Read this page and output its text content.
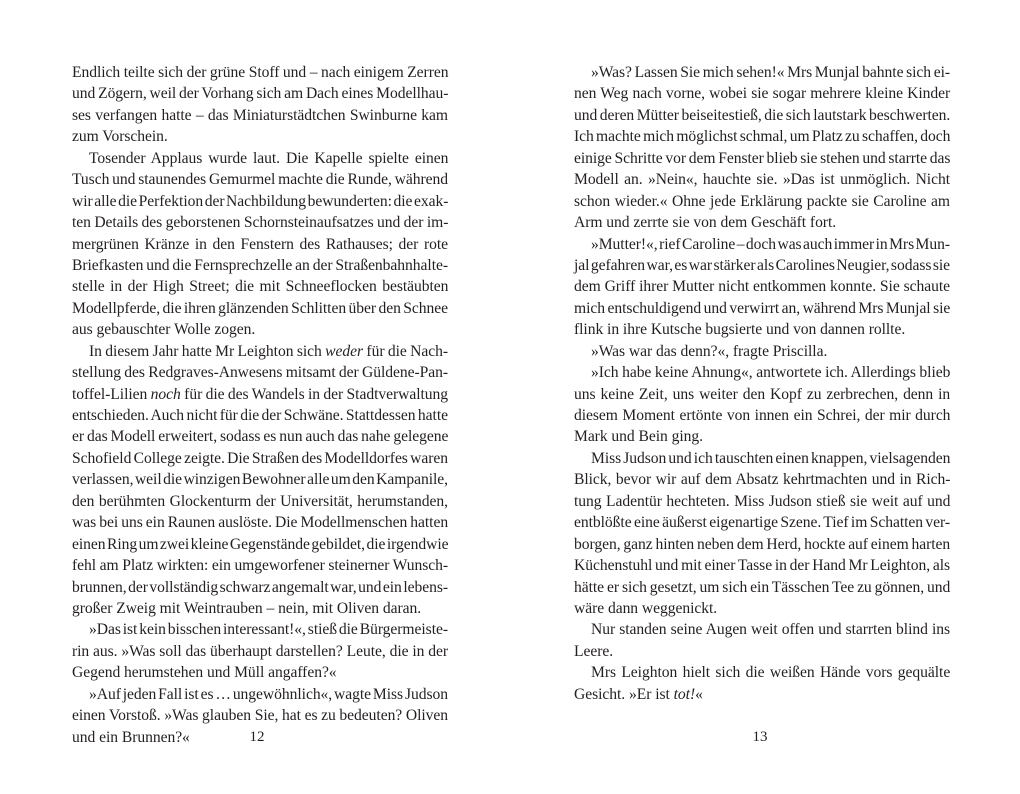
Endlich teilte sich der grüne Stoff und – nach einigem Zerren
und Zögern, weil der Vorhang sich am Dach eines Modellhau-
ses verfangen hatte – das Miniaturstädtchen Swinburne kam
zum Vorschein.
Tosender Applaus wurde laut. Die Kapelle spielte einen
Tusch und staunendes Gemurmel machte die Runde, während
wir alle die Perfektion der Nachbildung bewunderten: die exak-
ten Details des geborstenen Schornsteinaufsatzes und der im-
mergrünen Kränze in den Fenstern des Rathauses; der rote
Briefkasten und die Fernsprechzelle an der Straßenbahnhalte-
stelle in der High Street; die mit Schneeflocken bestäubten
Modellpferde, die ihren glänzenden Schlitten über den Schnee
aus gebauschter Wolle zogen.
In diesem Jahr hatte Mr Leighton sich weder für die Nach-
stellung des Redgraves-Anwesens mitsamt der Güldene-Pan-
toffel-Lilien noch für die des Wandels in der Stadtverwaltung
entschieden. Auch nicht für die der Schwäne. Stattdessen hatte
er das Modell erweitert, sodass es nun auch das nahe gelegene
Schofield College zeigte. Die Straßen des Modelldorfes waren
verlassen, weil die winzigen Bewohner alle um den Kampanile,
den berühmten Glockenturm der Universität, herumstanden,
was bei uns ein Raunen auslöste. Die Modellmenschen hatten
einen Ring um zwei kleine Gegenstände gebildet, die irgendwie
fehl am Platz wirkten: ein umgeworfener steinerner Wunsch-
brunnen, der vollständig schwarz angemalt war, und ein lebens-
großer Zweig mit Weintrauben – nein, mit Oliven daran.
»Das ist kein bisschen interessant!«, stieß die Bürgermeiste-
rin aus. »Was soll das überhaupt darstellen? Leute, die in der
Gegend herumstehen und Müll angaffen?«
»Auf jeden Fall ist es … ungewöhnlich«, wagte Miss Judson
einen Vorstoß. »Was glauben Sie, hat es zu bedeuten? Oliven
und ein Brunnen?«	12
»Was? Lassen Sie mich sehen!« Mrs Munjal bahnte sich ei-
nen Weg nach vorne, wobei sie sogar mehrere kleine Kinder
und deren Mütter beiseitestieß, die sich lautstark beschwerten.
Ich machte mich möglichst schmal, um Platz zu schaffen, doch
einige Schritte vor dem Fenster blieb sie stehen und starrte das
Modell an. »Nein«, hauchte sie. »Das ist unmöglich. Nicht
schon wieder.« Ohne jede Erklärung packte sie Caroline am
Arm und zerrte sie von dem Geschäft fort.
»Mutter!«, rief Caroline – doch was auch immer in Mrs Mun-
jal gefahren war, es war stärker als Carolines Neugier, sodass sie
dem Griff ihrer Mutter nicht entkommen konnte. Sie schaute
mich entschuldigend und verwirrt an, während Mrs Munjal sie
flink in ihre Kutsche bugsierte und von dannen rollte.
»Was war das denn?«, fragte Priscilla.
»Ich habe keine Ahnung«, antwortete ich. Allerdings blieb
uns keine Zeit, uns weiter den Kopf zu zerbrechen, denn in
diesem Moment ertönte von innen ein Schrei, der mir durch
Mark und Bein ging.
Miss Judson und ich tauschten einen knappen, vielsagenden
Blick, bevor wir auf dem Absatz kehrtmachten und in Rich-
tung Ladentür hechteten. Miss Judson stieß sie weit auf und
entblößte eine äußerst eigenartige Szene. Tief im Schatten ver-
borgen, ganz hinten neben dem Herd, hockte auf einem harten
Küchenstuhl und mit einer Tasse in der Hand Mr Leighton, als
hätte er sich gesetzt, um sich ein Tässchen Tee zu gönnen, und
wäre dann weggenickt.
Nur standen seine Augen weit offen und starrten blind ins
Leere.
Mrs Leighton hielt sich die weißen Hände vors gequälte
Gesicht. »Er ist tot!«
13
